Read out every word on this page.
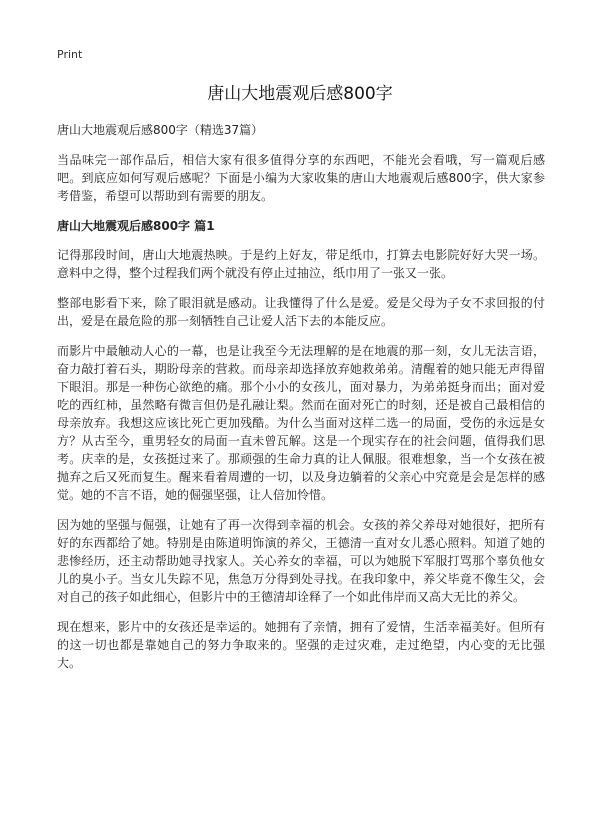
Print
唐山大地震观后感800字

唐山大地震观后感800字（精选37篇）

当品味完一部作品后，相信大家有很多值得分享的东西吧，不能光会看哦，写一篇观后感吧。到底应如何写观后感呢？下面是小编为大家收集的唐山大地震观后感800字，供大家参考借鉴，希望可以帮助到有需要的朋友。

唐山大地震观后感800字 篇1

记得那段时间，唐山大地震热映。于是约上好友，带足纸巾，打算去电影院好好大哭一场。意料中之得，整个过程我们两个就没有停止过抽泣，纸巾用了一张又一张。

整部电影看下来，除了眼泪就是感动。让我懂得了什么是爱。爱是父母为子女不求回报的付出，爱是在最危险的那一刻牺牲自己让爱人活下去的本能反应。

而影片中最触动人心的一幕，也是让我至今无法理解的是在地震的那一刻，女儿无法言语，奋力敲打着石头，期盼母亲的营救。而母亲却选择放弃她救弟弟。清醒着的她只能无声得留下眼泪。那是一种伤心欲绝的痛。那个小小的女孩儿，面对暴力，为弟弟挺身而出；面对爱吃的西红柿，虽然略有微言但仍是孔融让梨。然而在面对死亡的时刻，还是被自己最相信的母亲放弃。我想这应该比死亡更加残酷。为什么当面对这样二选一的局面，受伤的永远是女方？从古至今，重男轻女的局面一直未曾瓦解。这是一个现实存在的社会问题，值得我们思考。庆幸的是，女孩挺过来了。那顽强的生命力真的让人佩服。很难想象，当一个女孩在被抛弃之后又死而复生。醒来看着周遭的一切，以及身边躺着的父亲心中究竟是会是怎样的感觉。她的不言不语，她的倔强坚强，让人倍加怜惜。

因为她的坚强与倔强，让她有了再一次得到幸福的机会。女孩的养父养母对她很好，把所有好的东西都给了她。特别是由陈道明饰演的养父，王德清一直对女儿悉心照料。知道了她的悲惨经历，还主动帮助她寻找家人。关心养女的幸福，可以为她脱下军服打骂那个辜负他女儿的臭小子。当女儿失踪不见，焦急万分得到处寻找。在我印象中，养父毕竟不像生父，会对自己的孩子如此细心，但影片中的王德清却诠释了一个如此伟岸而又高大无比的养父。

现在想来，影片中的女孩还是幸运的。她拥有了亲情，拥有了爱情，生活幸福美好。但所有的这一切也都是靠她自己的努力争取来的。坚强的走过灾难，走过绝望，内心变的无比强大。
